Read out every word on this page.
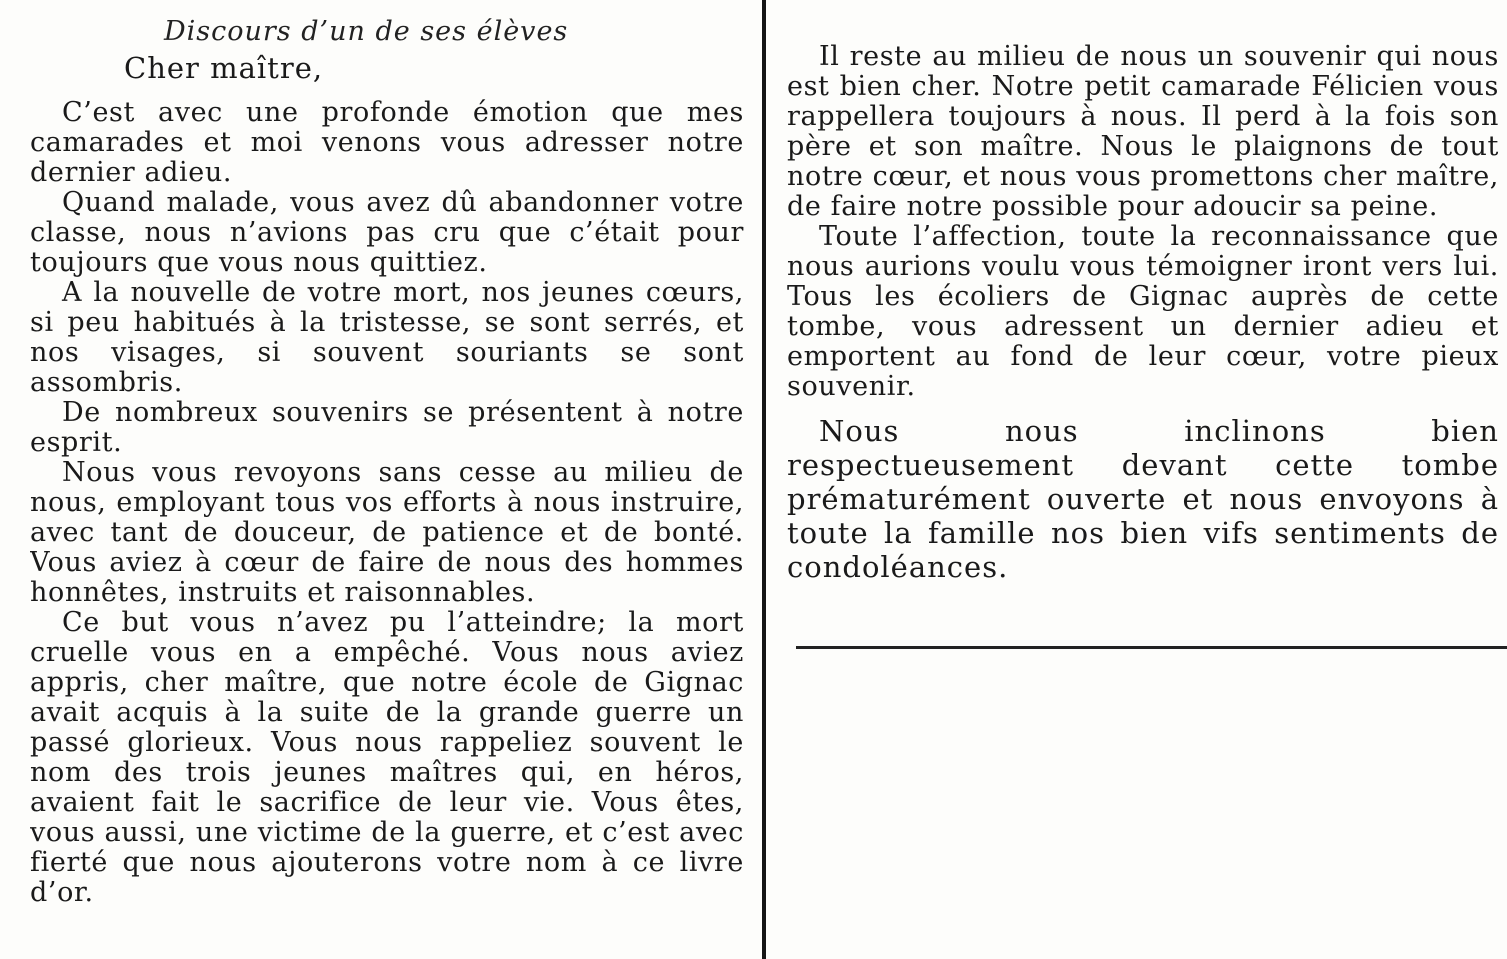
Discours d’un de ses élèves

Cher maître,

C’est avec une profonde émotion que mes camarades et moi venons vous adresser notre dernier adieu.

Quand malade, vous avez dû abandonner votre classe, nous n’avions pas cru que c’était pour toujours que vous nous quittiez.

A la nouvelle de votre mort, nos jeunes cœurs, si peu habitués à la tristesse, se sont serrés, et nos visages, si souvent souriants se sont assombris.

De nombreux souvenirs se présentent à notre esprit.

Nous vous revoyons sans cesse au milieu de nous, employant tous vos efforts à nous instruire, avec tant de douceur, de patience et de bonté. Vous aviez à cœur de faire de nous des hommes honnêtes, instruits et raisonnables.

Ce but vous n’avez pu l’atteindre; la mort cruelle vous en a empêché. Vous nous aviez appris, cher maître, que notre école de Gignac avait acquis à la suite de la grande guerre un passé glorieux. Vous nous rappeliez souvent le nom des trois jeunes maîtres qui, en héros, avaient fait le sacrifice de leur vie. Vous êtes, vous aussi, une victime de la guerre, et c’est avec fierté que nous ajouterons votre nom à ce livre d’or.

Il reste au milieu de nous un souvenir qui nous est bien cher. Notre petit camarade Félicien vous rappellera toujours à nous. Il perd à la fois son père et son maître. Nous le plaignons de tout notre cœur, et nous vous promettons cher maître, de faire notre possible pour adoucir sa peine.

Toute l’affection, toute la reconnaissance que nous aurions voulu vous témoigner iront vers lui. Tous les écoliers de Gignac auprès de cette tombe, vous adressent un dernier adieu et emportent au fond de leur cœur, votre pieux souvenir.

Nous nous inclinons bien respectueusement devant cette tombe prématurément ouverte et nous envoyons à toute la famille nos bien vifs sentiments de condoléances.
